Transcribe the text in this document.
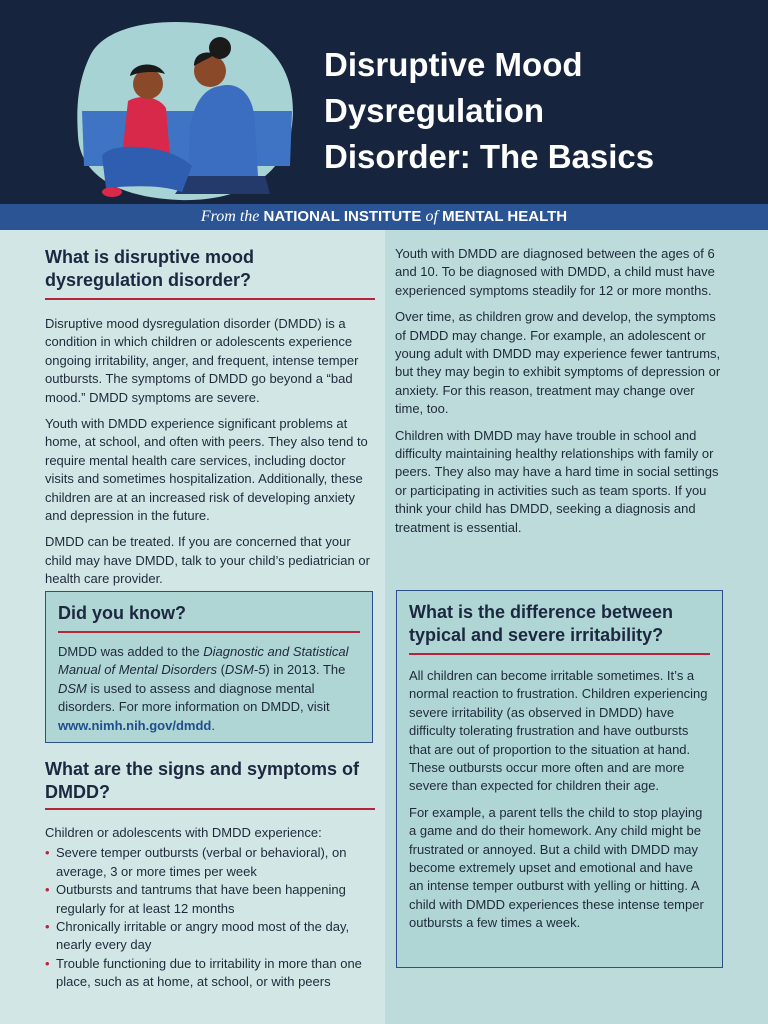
Disruptive Mood
Dysregulation
Disorder: The Basics
From the NATIONAL INSTITUTE of MENTAL HEALTH
What is disruptive mood dysregulation disorder?

Disruptive mood dysregulation disorder (DMDD) is a condition in which children or adolescents experience ongoing irritability, anger, and frequent, intense temper outbursts. The symptoms of DMDD go beyond a “bad mood.” DMDD symptoms are severe.

Youth with DMDD experience significant problems at home, at school, and often with peers. They also tend to require mental health care services, including doctor visits and sometimes hospitalization. Additionally, these children are at an increased risk of developing anxiety and depression in the future.

DMDD can be treated. If you are concerned that your child may have DMDD, talk to your child’s pediatrician or health care provider.

Did you know?
DMDD was added to the Diagnostic and Statistical Manual of Mental Disorders (DSM-5) in 2013. The DSM is used to assess and diagnose mental disorders. For more information on DMDD, visit www.nimh.nih.gov/dmdd.
What are the signs and symptoms of DMDD?

Children or adolescents with DMDD experience:

• Severe temper outbursts (verbal or behavioral), on average, 3 or more times per week
• Outbursts and tantrums that have been happening regularly for at least 12 months
• Chronically irritable or angry mood most of the day, nearly every day
• Trouble functioning due to irritability in more than one place, such as at home, at school, or with peers

Youth with DMDD are diagnosed between the ages of 6 and 10. To be diagnosed with DMDD, a child must have experienced symptoms steadily for 12 or more months.

Over time, as children grow and develop, the symptoms of DMDD may change. For example, an adolescent or young adult with DMDD may experience fewer tantrums, but they may begin to exhibit symptoms of depression or anxiety. For this reason, treatment may change over time, too.

Children with DMDD may have trouble in school and difficulty maintaining healthy relationships with family or peers. They also may have a hard time in social settings or participating in activities such as team sports. If you think your child has DMDD, seeking a diagnosis and treatment is essential.

What is the difference between typical and severe irritability?

All children can become irritable sometimes. It’s a normal reaction to frustration. Children experiencing severe irritability (as observed in DMDD) have difficulty tolerating frustration and have outbursts that are out of proportion to the situation at hand. These outbursts occur more often and are more severe than expected for children their age.

For example, a parent tells the child to stop playing a game and do their homework. Any child might be frustrated or annoyed. But a child with DMDD may become extremely upset and emotional and have an intense temper outburst with yelling or hitting. A child with DMDD experiences these intense temper outbursts a few times a week.
